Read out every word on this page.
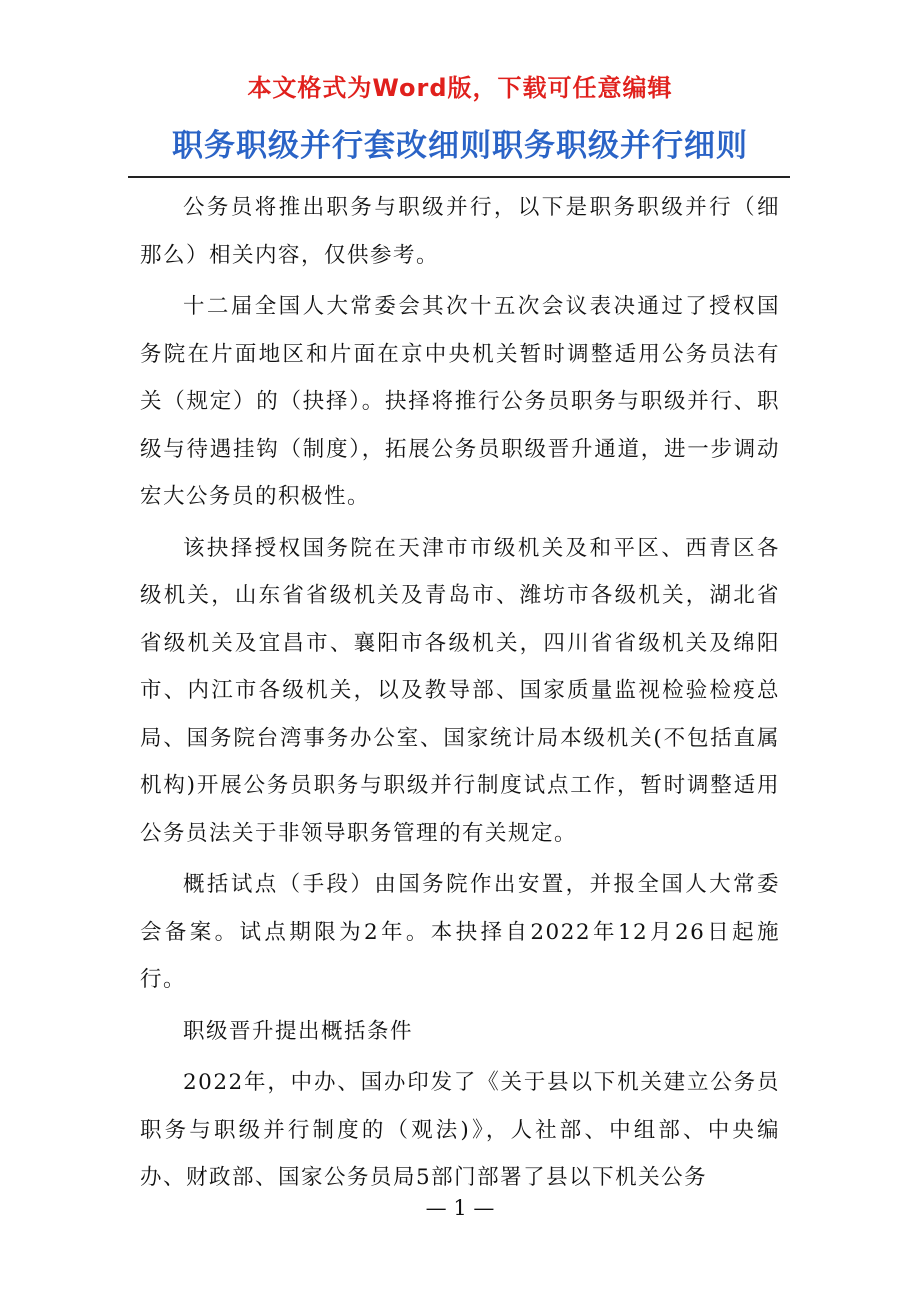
本文格式为Word版，下载可任意编辑
职务职级并行套改细则职务职级并行细则

公务员将推出职务与职级并行，以下是职务职级并行（细那么）相关内容，仅供参考。

十二届全国人大常委会其次十五次会议表决通过了授权国务院在片面地区和片面在京中央机关暂时调整适用公务员法有关（规定）的（抉择）。抉择将推行公务员职务与职级并行、职级与待遇挂钩（制度），拓展公务员职级晋升通道，进一步调动宏大公务员的积极性。

该抉择授权国务院在天津市市级机关及和平区、西青区各级机关，山东省省级机关及青岛市、潍坊市各级机关，湖北省省级机关及宜昌市、襄阳市各级机关，四川省省级机关及绵阳市、内江市各级机关，以及教导部、国家质量监视检验检疫总局、国务院台湾事务办公室、国家统计局本级机关(不包括直属机构)开展公务员职务与职级并行制度试点工作，暂时调整适用公务员法关于非领导职务管理的有关规定。

概括试点（手段）由国务院作出安置，并报全国人大常委会备案。试点期限为2年。本抉择自2022年12月26日起施行。

职级晋升提出概括条件

2022年，中办、国办印发了《关于县以下机关建立公务员职务与职级并行制度的（观法)》，人社部、中组部、中央编办、财政部、国家公务员局5部门部署了县以下机关公务

— 1 —
